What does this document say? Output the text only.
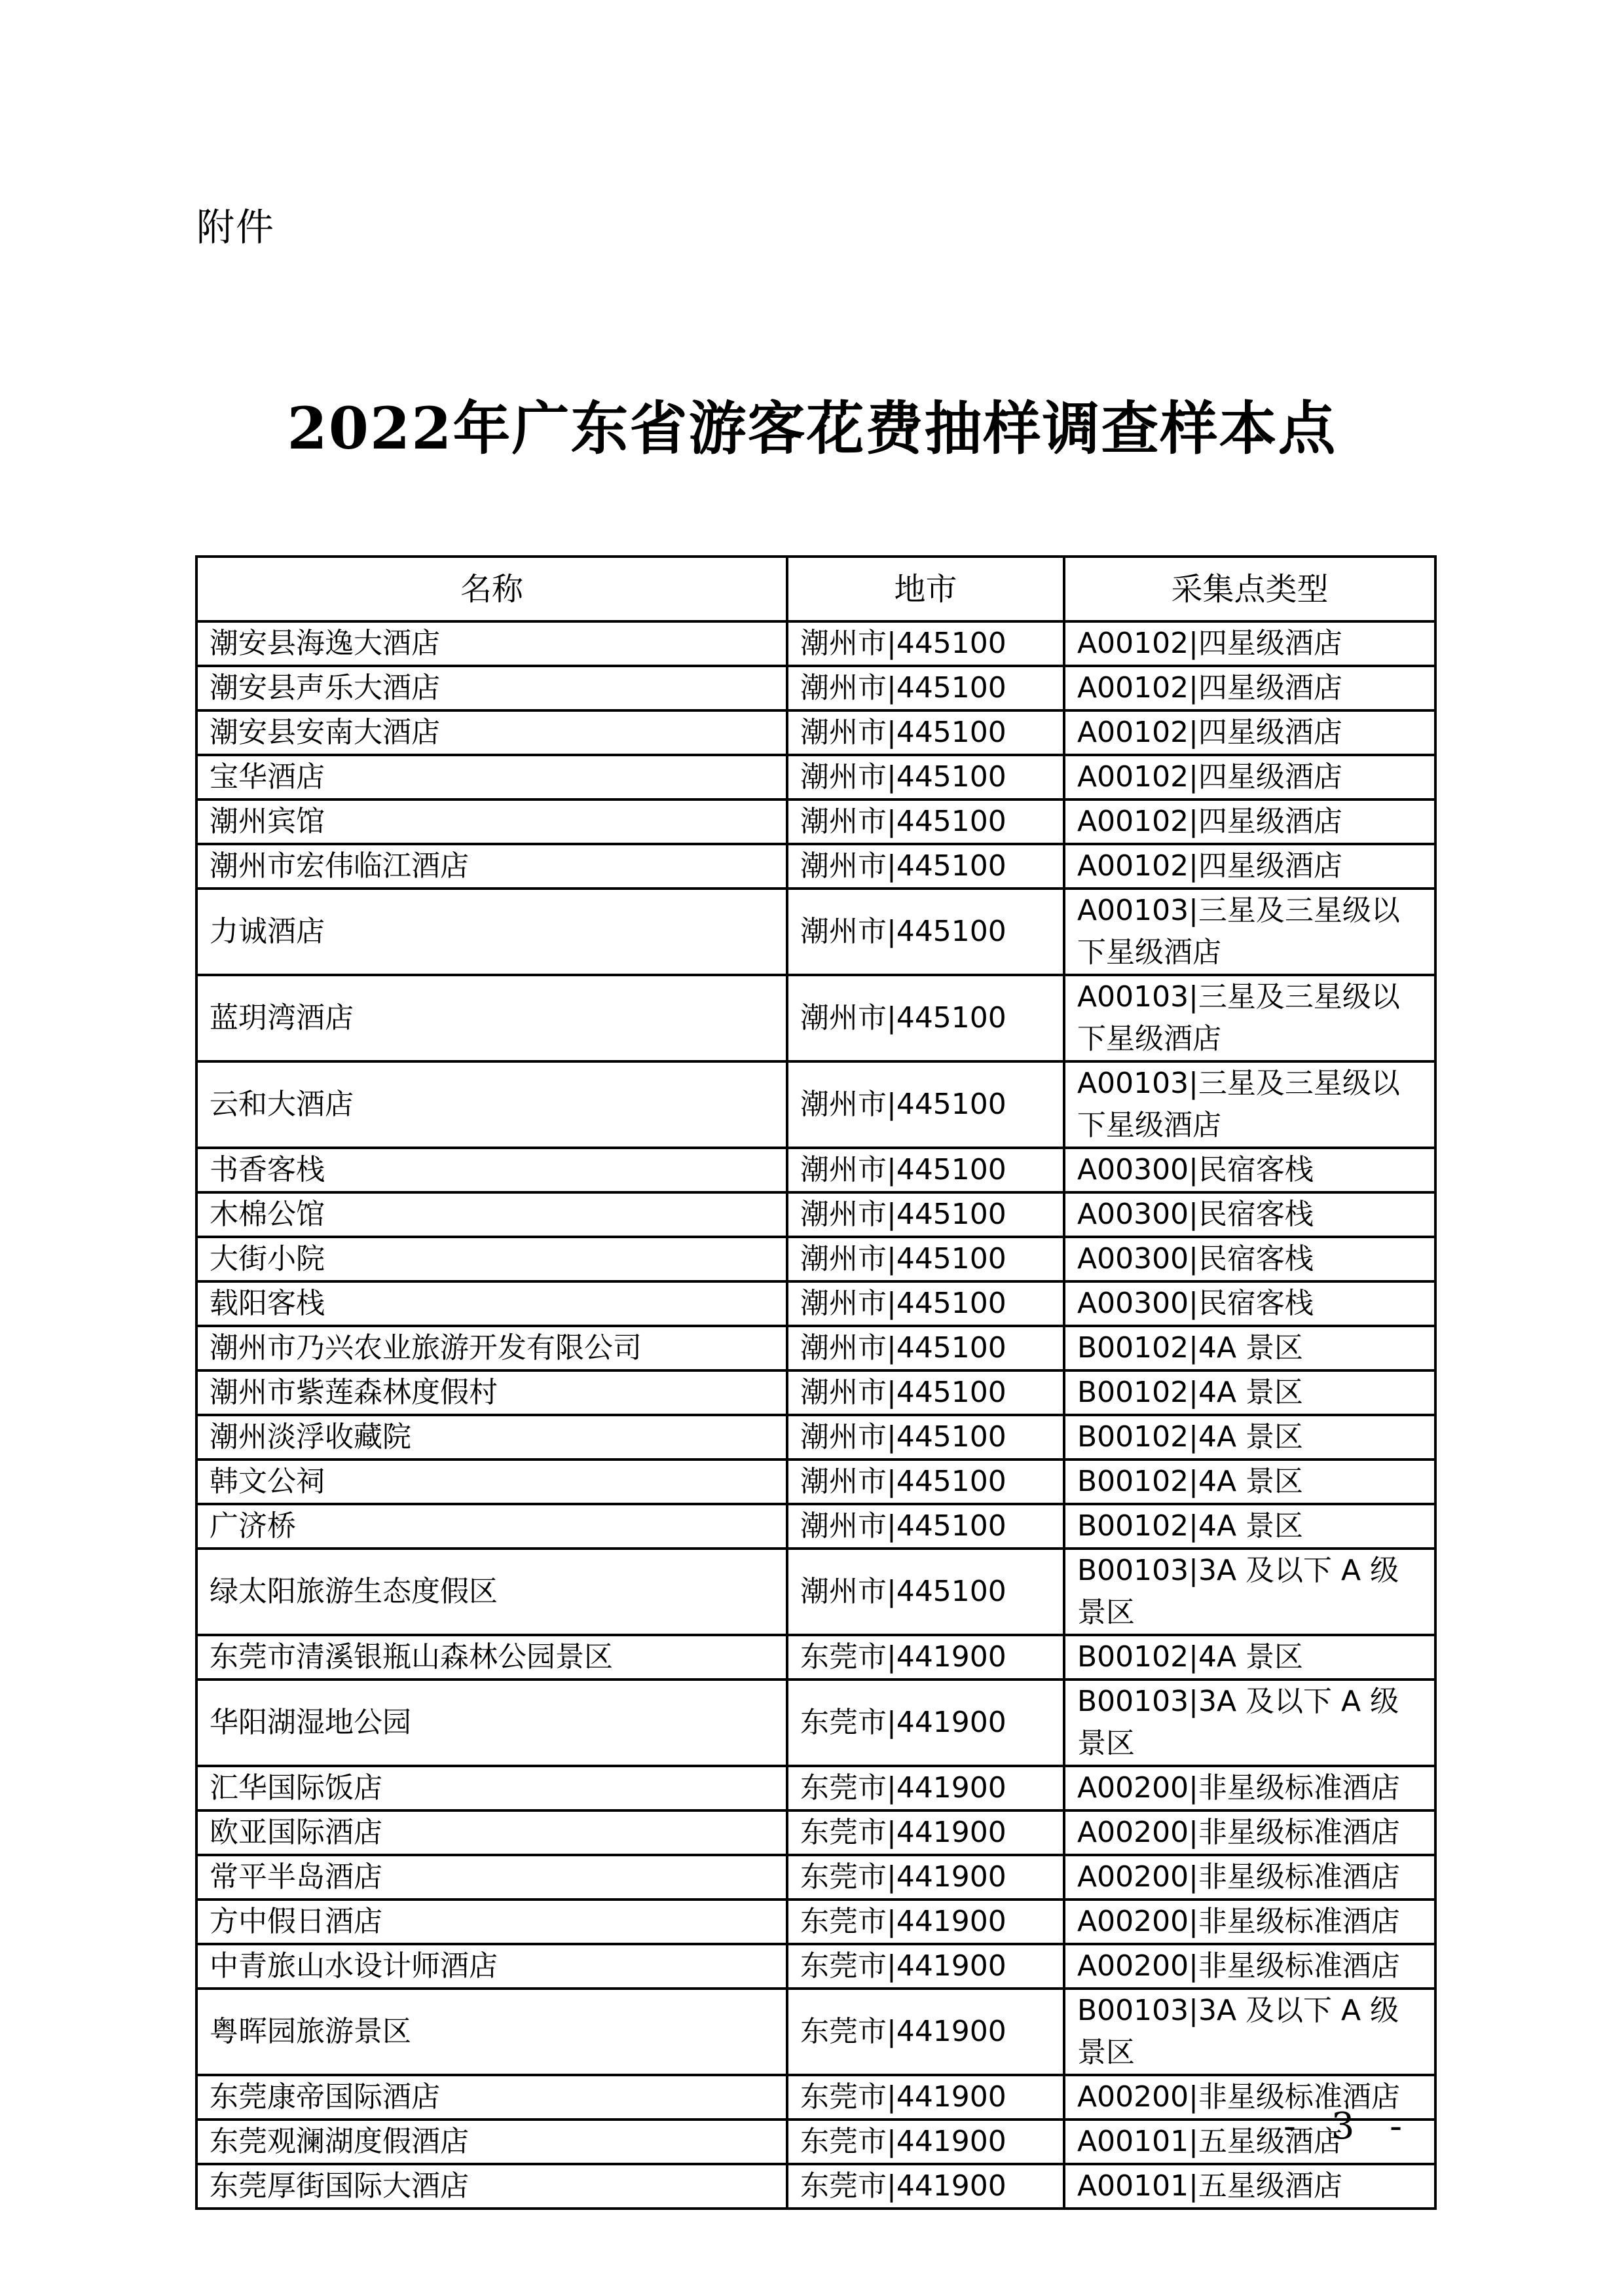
附件
2022年广东省游客花费抽样调查样本点
名称	地市	采集点类型
潮安县海逸大酒店	潮州市|445100	A00102|四星级酒店
潮安县声乐大酒店	潮州市|445100	A00102|四星级酒店
潮安县安南大酒店	潮州市|445100	A00102|四星级酒店
宝华酒店	潮州市|445100	A00102|四星级酒店
潮州宾馆	潮州市|445100	A00102|四星级酒店
潮州市宏伟临江酒店	潮州市|445100	A00102|四星级酒店
力诚酒店	潮州市|445100	A00103|三星及三星级以下星级酒店
蓝玥湾酒店	潮州市|445100	A00103|三星及三星级以下星级酒店
云和大酒店	潮州市|445100	A00103|三星及三星级以下星级酒店
书香客栈	潮州市|445100	A00300|民宿客栈
木棉公馆	潮州市|445100	A00300|民宿客栈
大街小院	潮州市|445100	A00300|民宿客栈
载阳客栈	潮州市|445100	A00300|民宿客栈
潮州市乃兴农业旅游开发有限公司	潮州市|445100	B00102|4A 景区
潮州市紫莲森林度假村	潮州市|445100	B00102|4A 景区
潮州淡浮收藏院	潮州市|445100	B00102|4A 景区
韩文公祠	潮州市|445100	B00102|4A 景区
广济桥	潮州市|445100	B00102|4A 景区
绿太阳旅游生态度假区	潮州市|445100	B00103|3A 及以下 A 级景区
东莞市清溪银瓶山森林公园景区	东莞市|441900	B00102|4A 景区
华阳湖湿地公园	东莞市|441900	B00103|3A 及以下 A 级景区
汇华国际饭店	东莞市|441900	A00200|非星级标准酒店
欧亚国际酒店	东莞市|441900	A00200|非星级标准酒店
常平半岛酒店	东莞市|441900	A00200|非星级标准酒店
方中假日酒店	东莞市|441900	A00200|非星级标准酒店
中青旅山水设计师酒店	东莞市|441900	A00200|非星级标准酒店
粤晖园旅游景区	东莞市|441900	B00103|3A 及以下 A 级景区
东莞康帝国际酒店	东莞市|441900	A00200|非星级标准酒店
东莞观澜湖度假酒店	东莞市|441900	A00101|五星级酒店
东莞厚街国际大酒店	东莞市|441900	A00101|五星级酒店
- 3 -
